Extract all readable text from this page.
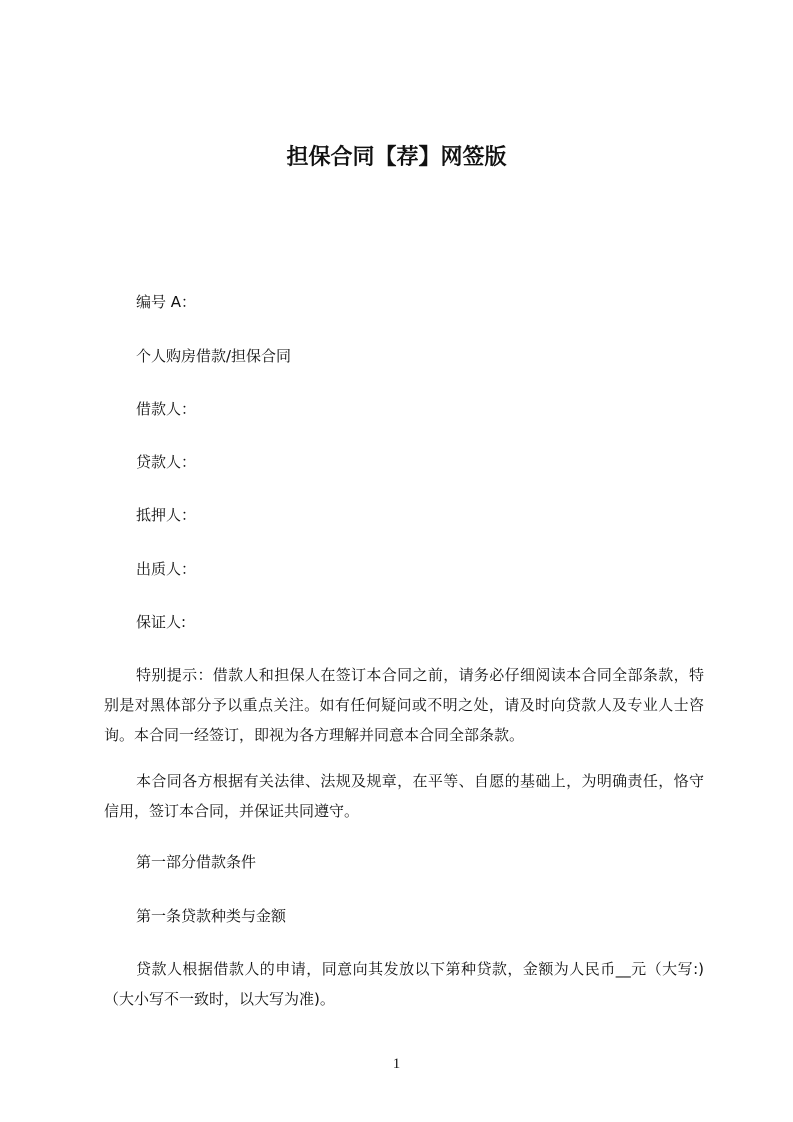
担保合同【荐】网签版
编号 A：
个人购房借款/担保合同
借款人：
贷款人：
抵押人：
出质人：
保证人:
特别提示：借款人和担保人在签订本合同之前，请务必仔细阅读本合同全部条款，特别是对黑体部分予以重点关注。如有任何疑问或不明之处，请及时向贷款人及专业人士咨询。本合同一经签订，即视为各方理解并同意本合同全部条款。
本合同各方根据有关法律、法规及规章，在平等、自愿的基础上，为明确责任，恪守信用，签订本合同，并保证共同遵守。
第一部分借款条件
第一条贷款种类与金额
贷款人根据借款人的申请，同意向其发放以下第种贷款，金额为人民币__元（大写:)（大小写不一致时，以大写为准)。
1
